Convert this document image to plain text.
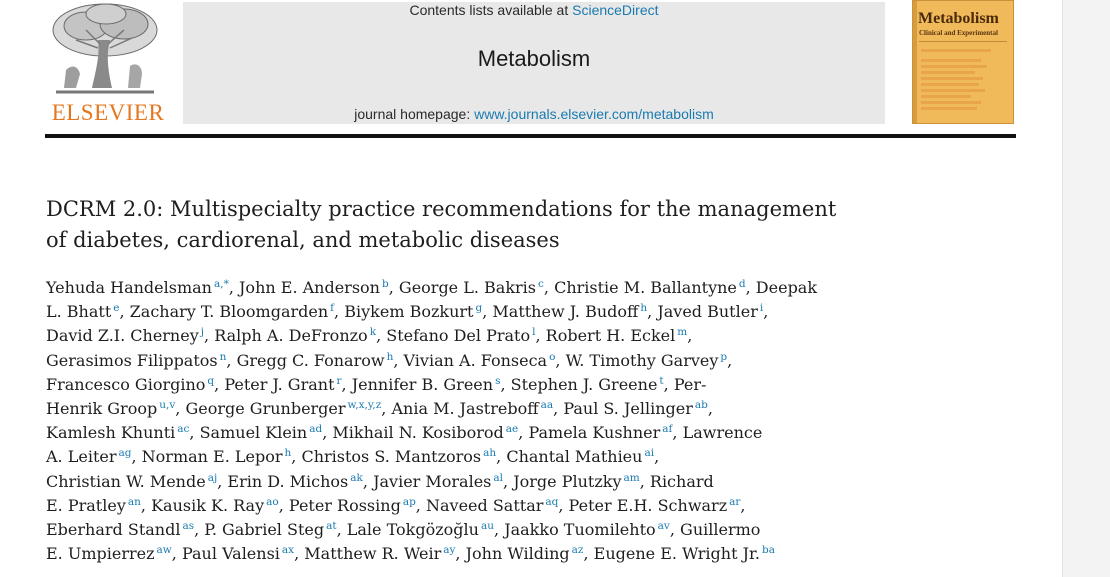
ELSEVIER
Contents lists available at ScienceDirect
Metabolism
journal homepage: www.journals.elsevier.com/metabolism
Metabolism
Clinical and Experimental
DCRM 2.0: Multispecialty practice recommendations for the management
of diabetes, cardiorenal, and metabolic diseases
Yehuda Handelsman $^{a,*}$, John E. Anderson $^b$, George L. Bakris $^c$, Christie M. Ballantyne $^d$, Deepak
L. Bhatt $^e$, Zachary T. Bloomgarden $^f$, Biykem Bozkurt $^g$, Matthew J. Budoff $^h$, Javed Butler $^i$,
David Z.I. Cherney $^j$, Ralph A. DeFronzo $^k$, Stefano Del Prato $^l$, Robert H. Eckel $^m$,
Gerasimos Filippatos $^n$, Gregg C. Fonarow $^h$, Vivian A. Fonseca $^o$, W. Timothy Garvey $^p$,
Francesco Giorgino $^q$, Peter J. Grant $^r$, Jennifer B. Green $^s$, Stephen J. Greene $^t$, Per-
Henrik Groop $^{u,v}$, George Grunberger $^{w,x,y,z}$, Ania M. Jastreboff $^{aa}$, Paul S. Jellinger $^{ab}$,
Kamlesh Khunti $^{ac}$, Samuel Klein $^{ad}$, Mikhail N. Kosiborod $^{ae}$, Pamela Kushner $^{af}$, Lawrence
A. Leiter $^{ag}$, Norman E. Lepor $^h$, Christos S. Mantzoros $^{ah}$, Chantal Mathieu $^{ai}$,
Christian W. Mende $^{aj}$, Erin D. Michos $^{ak}$, Javier Morales $^{al}$, Jorge Plutzky $^{am}$, Richard
E. Pratley $^{an}$, Kausik K. Ray $^{ao}$, Peter Rossing $^{ap}$, Naveed Sattar $^{aq}$, Peter E.H. Schwarz $^{ar}$,
Eberhard Standl $^{as}$, P. Gabriel Steg $^{at}$, Lale Tokgözoğlu $^{au}$, Jaakko Tuomilehto $^{av}$, Guillermo
E. Umpierrez $^{aw}$, Paul Valensi $^{ax}$, Matthew R. Weir $^{ay}$, John Wilding $^{az}$, Eugene E. Wright Jr. $^{ba}$
